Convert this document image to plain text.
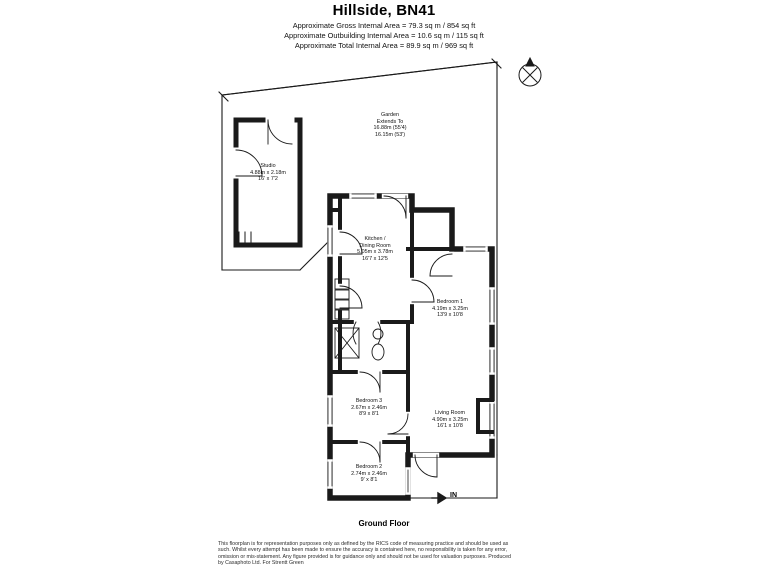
Hillside, BN41
Approximate Gross Internal Area = 79.3 sq m / 854 sq ft
Approximate Outbuilding Internal Area = 10.6 sq m / 115 sq ft
Approximate Total Internal Area = 89.9 sq m / 969 sq ft
Garden
Extends To
16.88m (55'4)
16.15m (53')
Studio
4.88m x 2.18m
16' x 7'2
Kitchen /
Dining Room
5.05m x 3.78m
16'7 x 12'5
Bedroom 1
4.19m x 3.25m
13'9 x 10'8
Bedroom 3
2.67m x 2.46m
8'9 x 8'1
Bedroom 2
2.74m x 2.46m
9' x 8'1
Living Room
4.90m x 3.25m
16'1 x 10'8
IN
Ground Floor
This floorplan is for representation purposes only as defined by the RICS code of measuring practice and should be used as such. Whilst every attempt has been made to ensure the accuracy is contained here, no responsibility is taken for any error, omission or mis-statement. Any figure provided is for guidance only and should not be used for valuation purposes. Produced by Casaphoto Ltd. For Strentt Green
